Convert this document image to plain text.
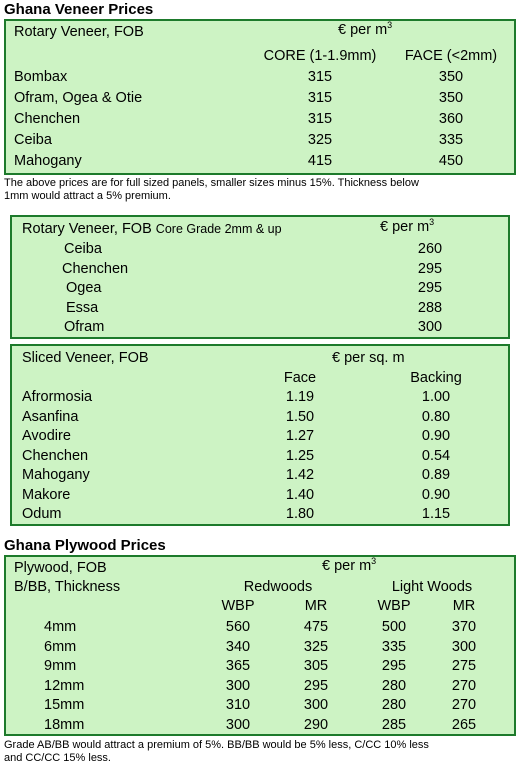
Ghana Veneer Prices
Rotary Veneer, FOB	€ per $m^3$
CORE (1-1.9mm)	FACE (<2mm)
Bombax	315	350
Ofram, Ogea & Otie	315	350
Chenchen	315	360
Ceiba	325	335
Mahogany	415	450
The above prices are for full sized panels, smaller sizes minus 15%. Thickness below
1mm would attract a 5% premium.
Rotary Veneer, FOB Core Grade 2mm & up	€ per $m^3$
Ceiba	260
Chenchen	295
Ogea	295
Essa	288
Ofram	300
Sliced Veneer, FOB	€ per sq. m
Face	Backing
Afrormosia	1.19	1.00
Asanfina	1.50	0.80
Avodire	1.27	0.90
Chenchen	1.25	0.54
Mahogany	1.42	0.89
Makore	1.40	0.90
Odum	1.80	1.15
Ghana Plywood Prices
Plywood, FOB	€ per $m^3$
B/BB, Thickness	Redwoods	Light Woods
WBP	MR	WBP	MR
4mm	560	475	500	370
6mm	340	325	335	300
9mm	365	305	295	275
12mm	300	295	280	270
15mm	310	300	280	270
18mm	300	290	285	265
Grade AB/BB would attract a premium of 5%. BB/BB would be 5% less, C/CC 10% less
and CC/CC 15% less.
